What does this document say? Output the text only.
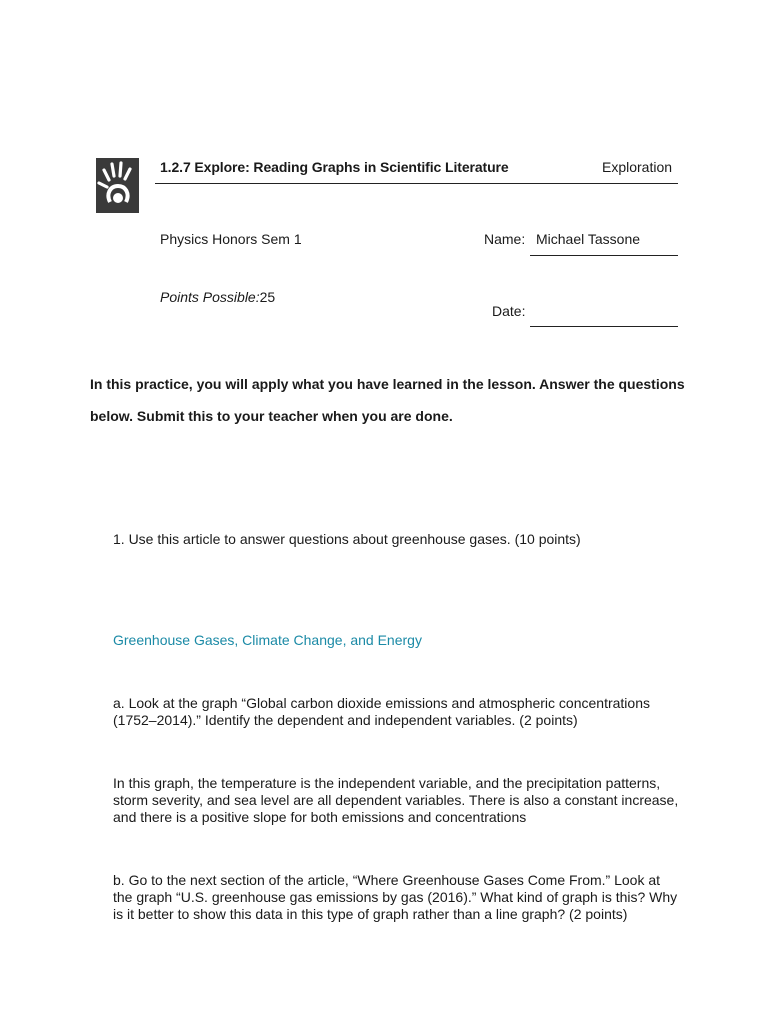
1.2.7 Explore: Reading Graphs in Scientific Literature	Exploration
Physics Honors Sem 1	Name: Michael Tassone
Points Possible:25
Date:
In this practice, you will apply what you have learned in the lesson. Answer the questions below. Submit this to your teacher when you are done.
1. Use this article to answer questions about greenhouse gases. (10 points)
Greenhouse Gases, Climate Change, and Energy
a. Look at the graph “Global carbon dioxide emissions and atmospheric concentrations (1752–2014).” Identify the dependent and independent variables. (2 points)
In this graph, the temperature is the independent variable, and the precipitation patterns, storm severity, and sea level are all dependent variables. There is also a constant increase, and there is a positive slope for both emissions and concentrations
b. Go to the next section of the article, “Where Greenhouse Gases Come From.” Look at the graph “U.S. greenhouse gas emissions by gas (2016).” What kind of graph is this? Why is it better to show this data in this type of graph rather than a line graph? (2 points)
